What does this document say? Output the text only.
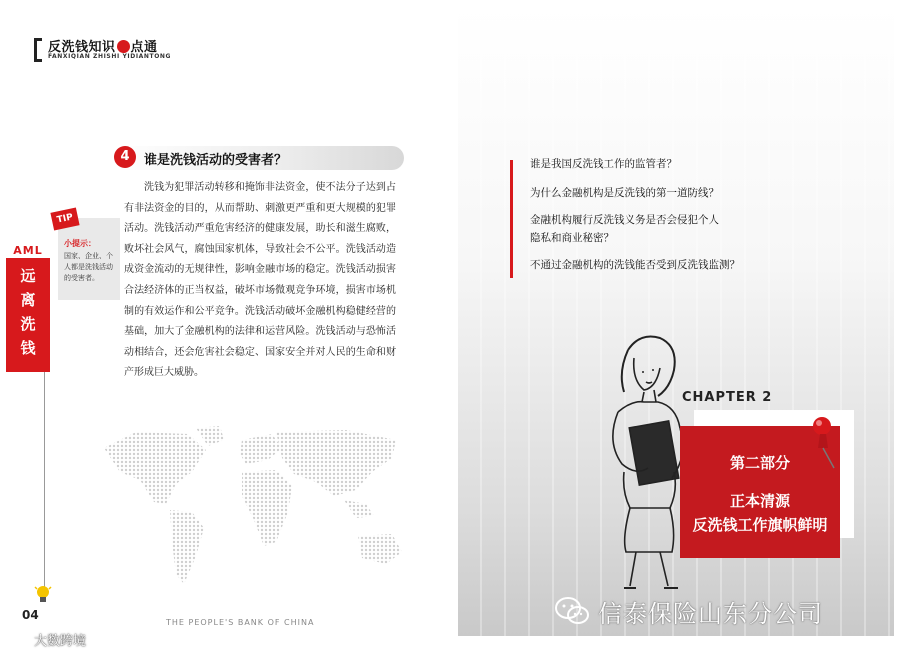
反洗钱知识 点通
FANXIQIAN ZHISHI YIDIANTONG
4	谁是洗钱活动的受害者？

洗钱为犯罪活动转移和掩饰非法资金，使不法分子达到占有非法资金的目的，从而帮助、刺激更严重和更大规模的犯罪活动。洗钱活动严重危害经济的健康发展，助长和滋生腐败，败坏社会风气，腐蚀国家机体，导致社会不公平。洗钱活动造成资金流动的无规律性，影响金融市场的稳定。洗钱活动损害合法经济体的正当权益，破坏市场微观竞争环境，损害市场机制的有效运作和公平竞争。洗钱活动破坏金融机构稳健经营的基础，加大了金融机构的法律和运营风险。洗钱活动与恐怖活动相结合，还会危害社会稳定、国家安全并对人民的生命和财产形成巨大威胁。

TIP
小提示：
国家、企业、个人都是洗钱活动的受害者。
AML
远离洗钱
04
THE PEOPLE'S BANK OF CHINA
谁是我国反洗钱工作的监管者？
为什么金融机构是反洗钱的第一道防线？
金融机构履行反洗钱义务是否会侵犯个人
隐私和商业秘密？
不通过金融机构的洗钱能否受到反洗钱监测？
CHAPTER 2
第二部分
正本清源
反洗钱工作旗帜鲜明
信泰保险山东分公司
大数跨境
